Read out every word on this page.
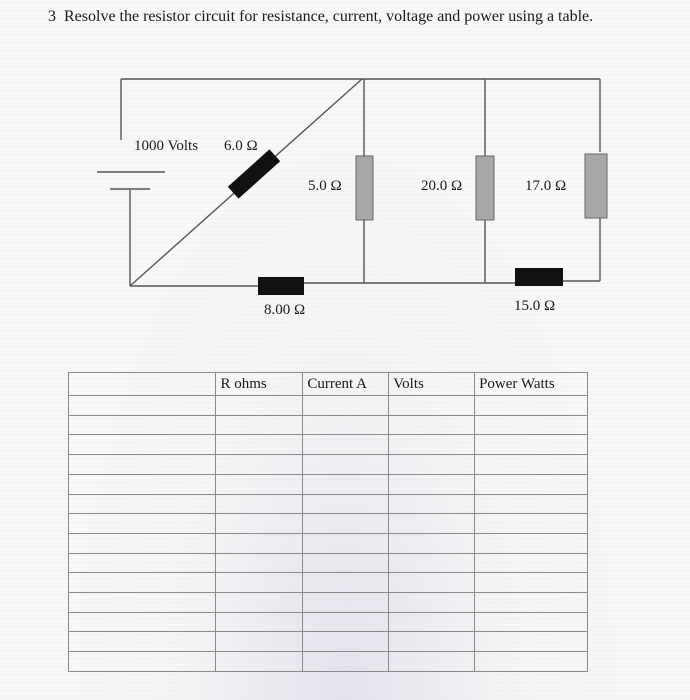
3 Resolve the resistor circuit for resistance, current, voltage and power using a table.
1000 Volts 6.0 Ω
5.0 Ω	20.0 Ω	17.0 Ω
8.00 Ω	15.0 Ω
	R ohms	Current A	Volts	Power Watts
